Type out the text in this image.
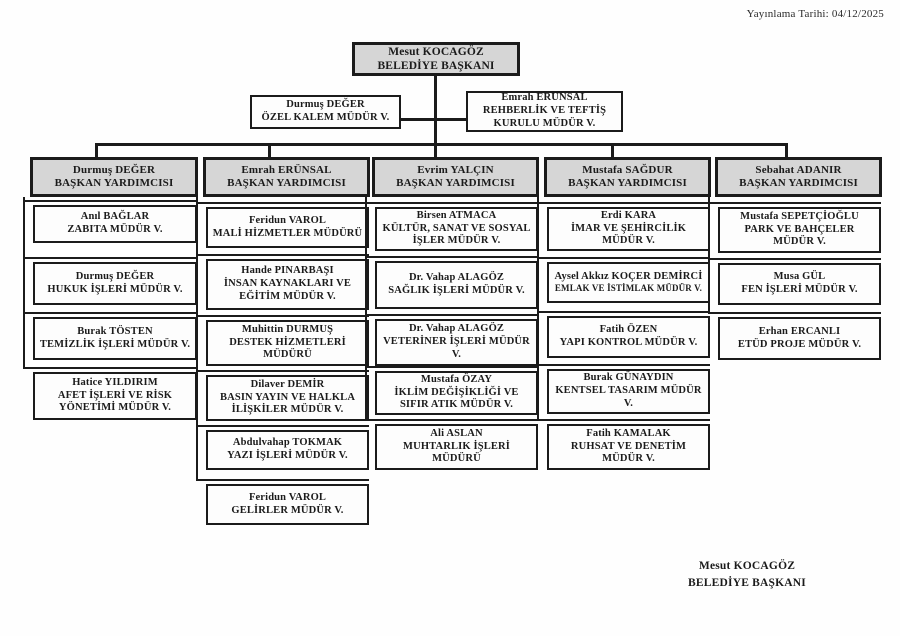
Yayınlama Tarihi: 04/12/2025
Mesut KOCAGÖZ
BELEDİYE BAŞKANI
Durmuş DEĞER
ÖZEL KALEM MÜDÜR V.
Emrah ERUNSAL
REHBERLİK VE TEFTİŞ KURULU MÜDÜR V.
Durmuş DEĞER
BAŞKAN YARDIMCISI
Anıl BAĞLAR
ZABITA MÜDÜR V.
Durmuş DEĞER
HUKUK İŞLERİ MÜDÜR V.
Burak TÖSTEN
TEMİZLİK İŞLERİ MÜDÜR V.
Hatice YILDIRIM
AFET İŞLERİ VE RİSK YÖNETİMİ MÜDÜR V.
Emrah ERÜNSAL
BAŞKAN YARDIMCISI
Feridun VAROL
MALİ HİZMETLER MÜDÜRÜ
Hande PINARBAŞI
İNSAN KAYNAKLARI VE EĞİTİM MÜDÜR V.
Muhittin DURMUŞ
DESTEK HİZMETLERİ MÜDÜRÜ
Dilaver DEMİR
BASIN YAYIN VE HALKLA İLİŞKİLER MÜDÜR V.
Abdulvahap TOKMAK
YAZI İŞLERİ MÜDÜR V.
Feridun VAROL
GELİRLER MÜDÜR V.
Evrim YALÇIN
BAŞKAN YARDIMCISI
Birsen ATMACA
KÜLTÜR, SANAT VE SOSYAL İŞLER MÜDÜR V.
Dr. Vahap ALAGÖZ
SAĞLIK İŞLERİ MÜDÜR V.
Dr. Vahap ALAGÖZ
VETERİNER İŞLERİ MÜDÜR V.
Mustafa ÖZAY
İKLİM DEĞİŞİKLİĞİ VE SIFIR ATIK MÜDÜR V.
Ali ASLAN
MUHTARLIK İŞLERİ MÜDÜRÜ
Mustafa SAĞDUR
BAŞKAN YARDIMCISI
Erdi KARA
İMAR VE ŞEHİRCİLİK MÜDÜR V.
Aysel Akkız KOÇER DEMİRCİ
EMLAK VE İSTİMLAK MÜDÜR V.
Fatih ÖZEN
YAPI KONTROL MÜDÜR V.
Burak GÜNAYDIN
KENTSEL TASARIM MÜDÜR V.
Fatih KAMALAK
RUHSAT VE DENETİM MÜDÜR V.
Sebahat ADANIR
BAŞKAN YARDIMCISI
Mustafa SEPETÇİOĞLU
PARK VE BAHÇELER MÜDÜR V.
Musa GÜL
FEN İŞLERİ MÜDÜR V.
Erhan ERCANLI
ETÜD PROJE MÜDÜR V.
Mesut KOCAGÖZ
BELEDİYE BAŞKANI
